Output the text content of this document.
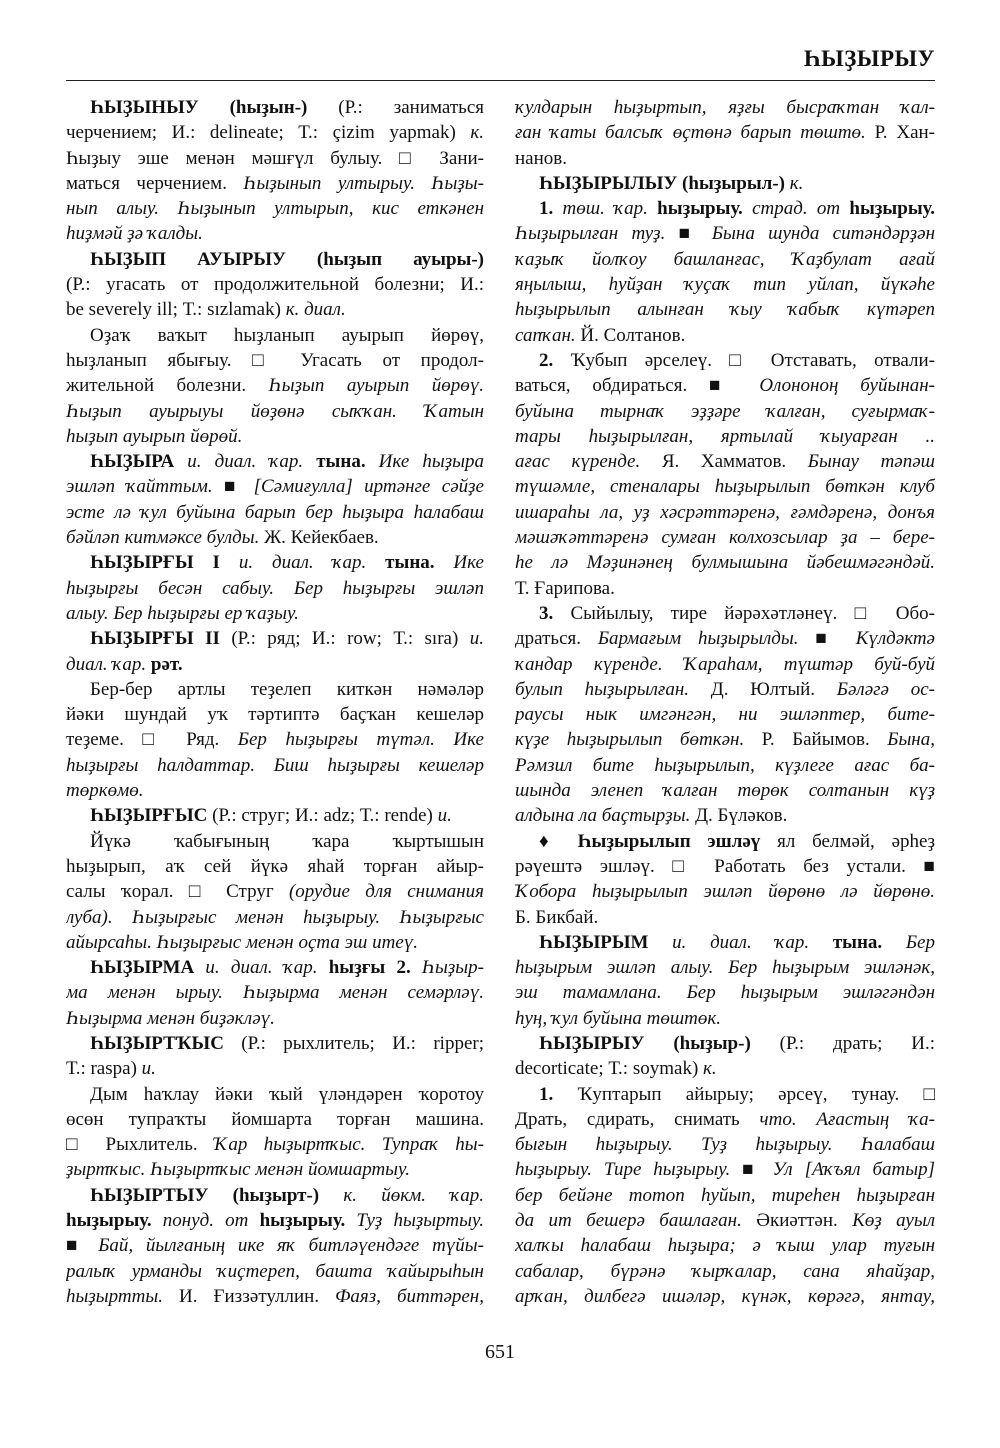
ҺЫҘЫРЫУ
ҺЫҘЫНЫУ (һыҙын-) (Р.: заниматься
черчением; И.: delineate; Т.: çizim yapmak) к.
Һыҙыу эше менән мәшғүл булыу. □ Зани-
маться черчением. Һыҙынып ултырыу. Һыҙы-
нып алыу. Һыҙынып ултырып, кис еткәнен
һиҙмәй ҙә ҡалды.
ҺЫҘЫП АУЫРЫУ (һыҙып ауыры-)
(Р.: угасать от продолжительной болезни; И.:
be severely ill; Т.: sızlamak) к. диал.
Оҙаҡ ваҡыт һыҙланып ауырып йөрөү,
һыҙланып ябығыу. □ Угасать от продол-
жительной болезни. Һыҙып ауырып йөрөү.
Һыҙып ауырыуы йөҙөнә сыҡҡан. Ҡатын
һыҙып ауырып йөрөй.
ҺЫҘЫРА и. диал. ҡар. тына. Ике һыҙыра
эшләп ҡайттым. ■ [Сәмиғулла] иртәнге сәйҙе
эсте лә ҡул буйына барып бер һыҙыра һалабаш
бәйләп китмәксе булды. Ж. Кейекбаев.
ҺЫҘЫРҒЫ I и. диал. ҡар. тына. Ике
һыҙырғы бесән сабыу. Бер һыҙырғы эшләп
алыу. Бер һыҙырғы ер ҡаҙыу.
ҺЫҘЫРҒЫ II (Р.: ряд; И.: row; Т.: sıra) и.
диал. ҡар. рәт.
Бер-бер артлы теҙелеп киткән нәмәләр
йәки шундай уҡ тәртиптә баҫҡан кешеләр
теҙеме. □ Ряд. Бер һыҙырғы түтәл. Ике
һыҙырғы һалдаттар. Биш һыҙырғы кешеләр
төркөмө.
ҺЫҘЫРҒЫС (Р.: струг; И.: adz; Т.: rende) и.
Йүкә ҡабығының ҡара ҡыртышын
һыҙырып, аҡ сей йүкә яһай торған айыр-
салы ҡорал. □ Струг (орудие для снимания
луба). Һыҙырғыс менән һыҙырыу. Һыҙырғыс
айырсаһы. Һыҙырғыс менән оҫта эш итеү.
ҺЫҘЫРМА и. диал. ҡар. һыҙғы 2. Һыҙыр-
ма менән ырыу. Һыҙырма менән семәрләү.
Һыҙырма менән биҙәкләү.
ҺЫҘЫРТҠЫС (Р.: рыхлитель; И.: ripper;
Т.: raspa) и.
Дым һаҡлау йәки ҡый үләндәрен ҡоротоу
өсөн тупраҡты йомшарта торған машина.
□ Рыхлитель. Ҡар һыҙыртҡыс. Тупраҡ һы-
ҙыртҡыс. Һыҙыртҡыс менән йомшартыу.
ҺЫҘЫРТЫУ (һыҙырт-) к. йөкм. ҡар.
һыҙырыу. понуд. от һыҙырыу. Туҙ һыҙыртыу.
■ Бай, йылғаның ике яҡ битләүендәге түйы-
ралыҡ урманды ҡиҫтереп, башта ҡайырыһын
һыҙыртты. И. Ғиззәтуллин. Фаяз, биттәрен,
ҡулдарын һыҙыртып, яҙғы бысраҡтан ҡал-
ған ҡаты балсыҡ өҫтөнә барып төштө. Р. Хан-
нанов.
ҺЫҘЫРЫЛЫУ (һыҙырыл-) к.
1. төш. ҡар. һыҙырыу. страд. от һыҙырыу.
Һыҙырылған туҙ. ■ Бына шунда ситәндәрҙән
ҡаҙыҡ йолҡоу башланғас, Ҡаҙбулат ағай
яңылыш, һуйҙан ҡуҫаҡ тип уйлап, йүкәһе
һыҙырылып алынған ҡыу ҡабыҡ күтәреп
сапҡан. Й. Солтанов.
2. Ҡубып әрселеү. □ Отставать, отвали-
ваться, обдираться. ■ Олононоң буйынан-
буйына тырнаҡ эҙҙәре ҡалған, суғырмаҡ-
тары һыҙырылған, яртылай ҡыуарған ..
ағас күренде. Я. Хамматов. Бынау тәпәш
түшәмле, стеналары һыҙырылып бөткән клуб
ишараһы ла, уҙ хәсрәттәренә, ғәмдәренә, донъя
мәшәҡәттәренә сумған колхозсылар ҙа – бере-
һе лә Мәҙинәнең булмышына йәбешмәгәндәй.
Т. Ғарипова.
3. Сыйылыу, тире йәрәхәтләнеү. □ Обо-
драться. Бармағым һыҙырылды. ■ Күлдәктә
ҡандар күренде. Ҡараһам, түштәр буй-буй
булып һыҙырылған. Д. Юлтый. Бәләгә ос-
раусы нык имгәнгән, ни эшләптер, бите-
күҙе һыҙырылып бөткән. Р. Байымов. Бына,
Рәмзил бите һыҙырылып, күҙлеге ағас ба-
шында эленеп ҡалған төрөк солтанын күҙ
алдына ла баҫтырҙы. Д. Бүләков.
♦ Һыҙырылып эшләү ял белмәй, әрһеҙ
рәүештә эшләү. □ Работать без устали. ■
Ҡобора һыҙырылып эшләп йөрөнө лә йөрөнө.
Б. Бикбай.
ҺЫҘЫРЫМ и. диал. ҡар. тына. Бер
һыҙырым эшләп алыу. Бер һыҙырым эшләнәк,
эш тамамлана. Бер һыҙырым эшләгәндән
һуң, ҡул буйына төштөк.
ҺЫҘЫРЫУ (һыҙыр-) (Р.: драть; И.:
decorticate; Т.: soymak) к.
1. Ҡуптарып айырыу; әрсеү, тунау. □
Драть, сдирать, снимать что. Ағастың ҡа-
бығын һыҙырыу. Туҙ һыҙырыу. Һалабаш
һыҙырыу. Тире һыҙырыу. ■ Ул [Аҡъял батыр]
бер бейәне тотоп һуйып, тиреһен һыҙырған
да ит бешерә башлаған. Әкиәттән. Көҙ ауыл
халҡы һалабаш һыҙыра; ә ҡыш улар туғын
сабалар, бүрәнә ҡырҡалар, сана яһайҙар,
арҡан, дилбегә ишәләр, күнәк, көрәгә, янтау,
651
